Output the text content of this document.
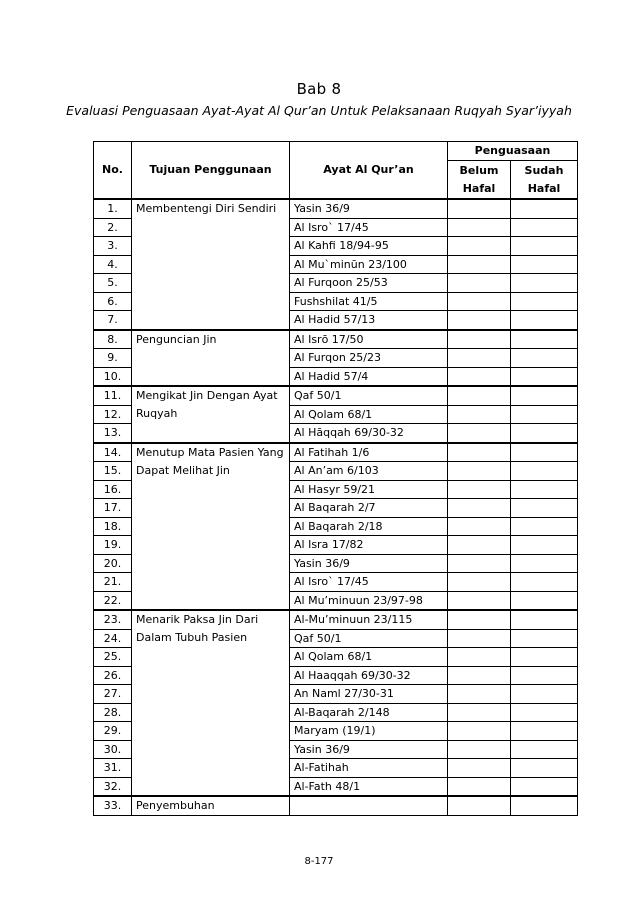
Bab 8
Evaluasi Penguasaan Ayat-Ayat Al Qur’an Untuk Pelaksanaan Ruqyah Syar’iyyah
No.	Tujuan Penggunaan	Ayat Al Qur’an	Penguasaan	
			Belum Hafal	Sudah Hafal
1.	Membentengi Diri Sendiri	Yasin 36/9		
2.		Al Isro` 17/45		
3.		Al Kahfi 18/94-95		
4.		Al Mu`minūn 23/100		
5.		Al Furqoon 25/53		
6.		Fushshilat 41/5		
7.		Al Hadid 57/13		
8.	Penguncian Jin	Al Isrō 17/50		
9.		Al Furqon 25/23		
10.		Al Hadid 57/4		
11.	Mengikat Jin Dengan Ayat
Ruqyah	Qaf 50/1		
12.		Al Qolam 68/1		
13.		Al Hāqqah 69/30-32		
14.	Menutup Mata Pasien Yang
Dapat Melihat Jin	Al Fatihah 1/6		
15.		Al An’am 6/103		
16.		Al Hasyr 59/21		
17.		Al Baqarah 2/7		
18.		Al Baqarah 2/18		
19.		Al Isra 17/82		
20.		Yasin 36/9		
21.		Al Isro` 17/45		
22.		Al Mu’minuun 23/97-98		
23.	Menarik Paksa Jin Dari
Dalam Tubuh Pasien	Al-Mu’minuun 23/115		
24.		Qaf 50/1		
25.		Al Qolam 68/1		
26.		Al Haaqqah 69/30-32		
27.		An Naml 27/30-31		
28.		Al-Baqarah 2/148		
29.		Maryam (19/1)		
30.		Yasin 36/9		
31.		Al-Fatihah		
32.		Al-Fath 48/1		
33.	Penyembuhan			

8-177
